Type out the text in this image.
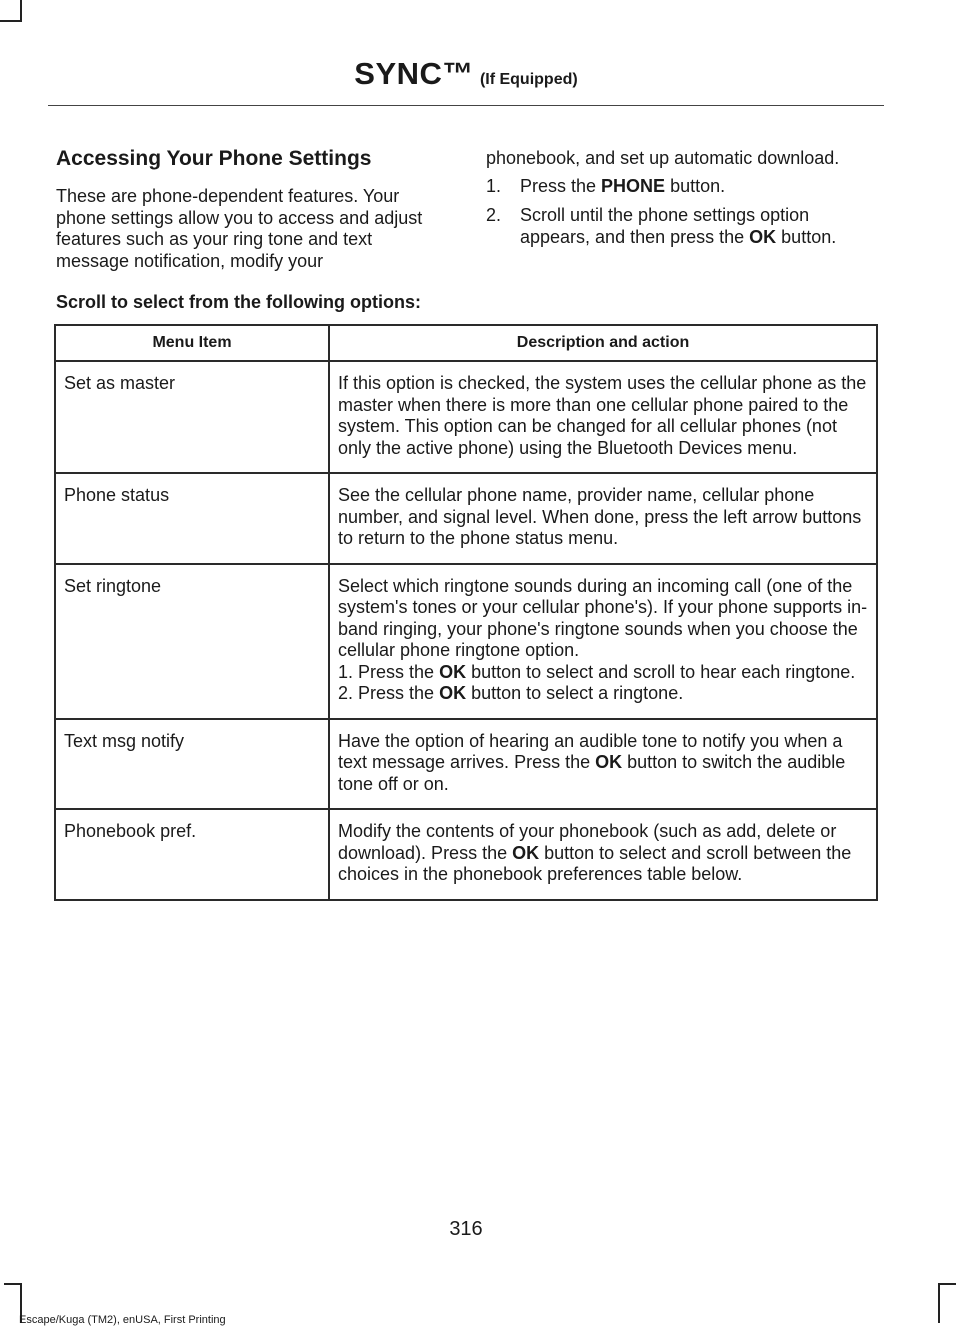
SYNC™ (If Equipped)
Accessing Your Phone Settings

These are phone-dependent features. Your phone settings allow you to access and adjust features such as your ring tone and text message notification, modify your

phonebook, and set up automatic download.

1. Press the PHONE button.
2. Scroll until the phone settings option appears, and then press the OK button.
Scroll to select from the following options:
Menu Item	Description and action
Set as master	If this option is checked, the system uses the cellular phone as the master when there is more than one cellular phone paired to the system. This option can be changed for all cellular phones (not only the active phone) using the Bluetooth Devices menu.
Phone status	See the cellular phone name, provider name, cellular phone number, and signal level. When done, press the left arrow buttons to return to the phone status menu.
Set ringtone	Select which ringtone sounds during an incoming call (one of the system's tones or your cellular phone's). If your phone supports in-band ringing, your phone's ringtone sounds when you choose the cellular phone ringtone option.
1. Press the OK button to select and scroll to hear each ringtone.
2. Press the OK button to select a ringtone.
Text msg notify	Have the option of hearing an audible tone to notify you when a text message arrives. Press the OK button to switch the audible tone off or on.
Phonebook pref.	Modify the contents of your phonebook (such as add, delete or download). Press the OK button to select and scroll between the choices in the phonebook preferences table below.
316
Escape/Kuga (TM2), enUSA, First Printing
